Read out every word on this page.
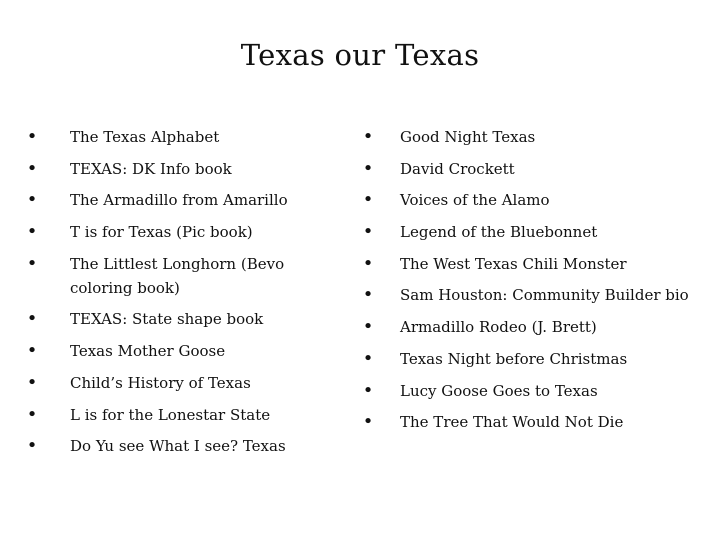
Texas our Texas
• The Texas Alphabet
• TEXAS: DK Info book
• The Armadillo from Amarillo
• T is for Texas (Pic book)
• The Littlest Longhorn (Bevo coloring book)
• TEXAS: State shape book
• Texas Mother Goose
• Child’s History of Texas
• L is for the Lonestar State
• Do Yu see What I see? Texas
• Good Night Texas
• David Crockett
• Voices of the Alamo
• Legend of the Bluebonnet
• The West Texas Chili Monster
• Sam Houston: Community Builder bio
• Armadillo Rodeo (J. Brett)
• Texas Night before Christmas
• Lucy Goose Goes to Texas
• The Tree That Would Not Die
